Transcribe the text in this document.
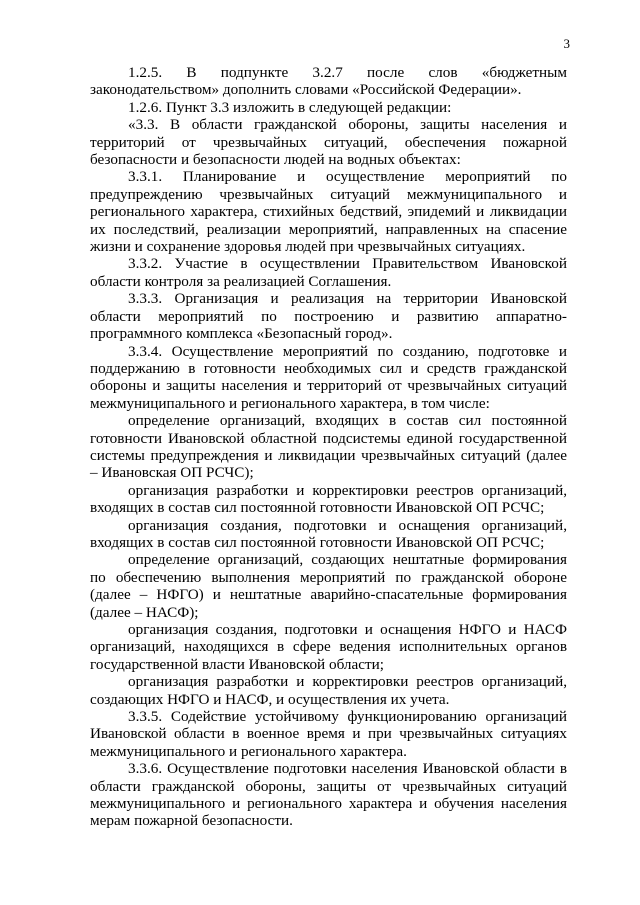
3

1.2.5. В подпункте 3.2.7 после слов «бюджетным законодательством» дополнить словами «Российской Федерации».

1.2.6. Пункт 3.3 изложить в следующей редакции:

«3.3. В области гражданской обороны, защиты населения и территорий от чрезвычайных ситуаций, обеспечения пожарной безопасности и безопасности людей на водных объектах:

3.3.1. Планирование и осуществление мероприятий по предупреждению чрезвычайных ситуаций межмуниципального и регионального характера, стихийных бедствий, эпидемий и ликвидации их последствий, реализации мероприятий, направленных на спасение жизни и сохранение здоровья людей при чрезвычайных ситуациях.

3.3.2. Участие в осуществлении Правительством Ивановской области контроля за реализацией Соглашения.

3.3.3. Организация и реализация на территории Ивановской области мероприятий по построению и развитию аппаратно-программного комплекса «Безопасный город».

3.3.4. Осуществление мероприятий по созданию, подготовке и поддержанию в готовности необходимых сил и средств гражданской обороны и защиты населения и территорий от чрезвычайных ситуаций межмуниципального и регионального характера, в том числе:

определение организаций, входящих в состав сил постоянной готовности Ивановской областной подсистемы единой государственной системы предупреждения и ликвидации чрезвычайных ситуаций (далее – Ивановская ОП РСЧС);

организация разработки и корректировки реестров организаций, входящих в состав сил постоянной готовности Ивановской ОП РСЧС;

организация создания, подготовки и оснащения организаций, входящих в состав сил постоянной готовности Ивановской ОП РСЧС;

определение организаций, создающих нештатные формирования по обеспечению выполнения мероприятий по гражданской обороне (далее – НФГО) и нештатные аварийно-спасательные формирования (далее – НАСФ);

организация создания, подготовки и оснащения НФГО и НАСФ организаций, находящихся в сфере ведения исполнительных органов государственной власти Ивановской области;

организация разработки и корректировки реестров организаций, создающих НФГО и НАСФ, и осуществления их учета.

3.3.5. Содействие устойчивому функционированию организаций Ивановской области в военное время и при чрезвычайных ситуациях межмуниципального и регионального характера.

3.3.6. Осуществление подготовки населения Ивановской области в области гражданской обороны, защиты от чрезвычайных ситуаций межмуниципального и регионального характера и обучения населения мерам пожарной безопасности.
